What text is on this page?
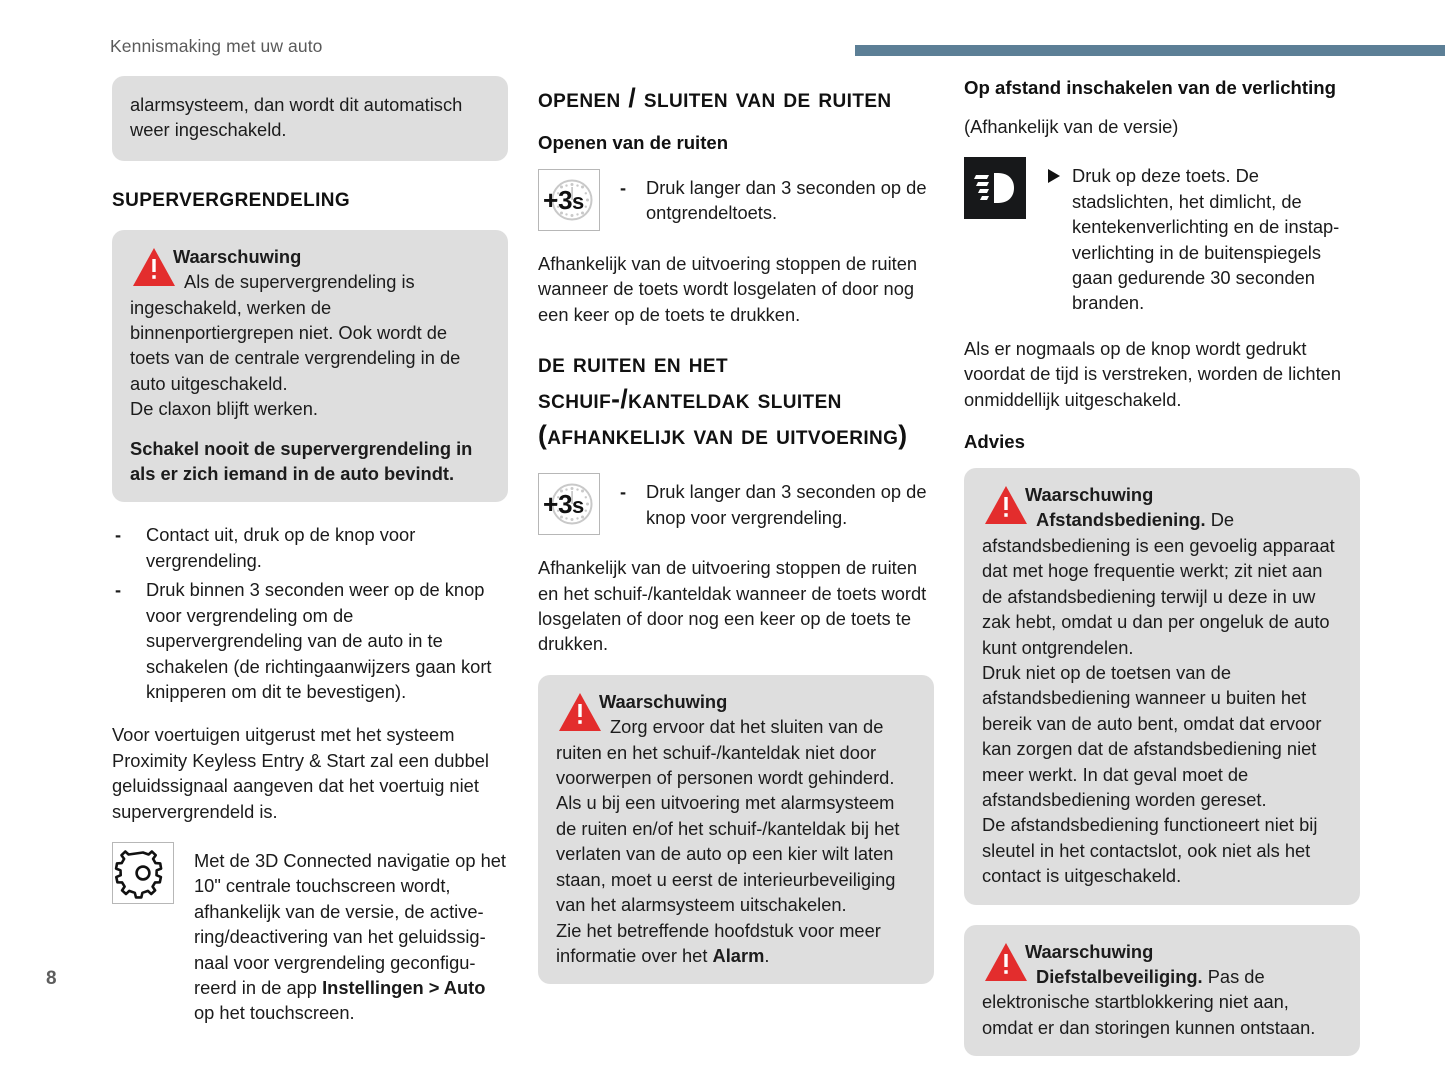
Kennismaking met uw auto
alarmsysteem, dan wordt dit automatisch weer ingeschakeld.
supervergrendeling
Waarschuwing
Als de supervergrendeling is ingeschakeld, werken de binnenportiergrepen niet. Ook wordt de toets van de centrale vergrendeling in de auto uitgeschakeld.
De claxon blijft werken.
Schakel nooit de supervergrendeling in als er zich iemand in de auto bevindt.
- Contact uit, druk op de knop voor vergrendeling.
- Druk binnen 3 seconden weer op de knop voor vergrendeling om de supervergrendeling van de auto in te schakelen (de richtingaanwijzers gaan kort knipperen om dit te bevestigen).

Voor voertuigen uitgerust met het systeem Proximity Keyless Entry & Start zal een dubbel geluidssignaal aangeven dat het voertuig niet supervergrendeld is.

Met de 3D Connected navigatie op het 10" centrale touchscreen wordt, afhankelijk van de versie, de active-ring/deactivering van het geluidssig-naal voor vergrendeling geconfigu-reerd in de app Instellingen > Auto op het touchscreen.
openen / sluiten van de ruiten
Openen van de ruiten
+3 s
-	Druk langer dan 3 seconden op de ontgrendeltoets.

Afhankelijk van de uitvoering stoppen de ruiten wanneer de toets wordt losgelaten of door nog een keer op de toets te drukken.

de ruiten en het schuif-/kanteldak sluiten (afhankelijk van de uitvoering)
+3 s
-	Druk langer dan 3 seconden op de knop voor vergrendeling.

Afhankelijk van de uitvoering stoppen de ruiten en het schuif-/kanteldak wanneer de toets wordt losgelaten of door nog een keer op de toets te drukken.

Waarschuwing
Zorg ervoor dat het sluiten van de ruiten en het schuif-/kanteldak niet door voorwerpen of personen wordt gehinderd. Als u bij een uitvoering met alarmsysteem de ruiten en/of het schuif-/kanteldak bij het verlaten van de auto op een kier wilt laten staan, moet u eerst de interieurbeveiliging van het alarmsysteem uitschakelen.
Zie het betreffende hoofdstuk voor meer informatie over het Alarm.
Op afstand inschakelen van de verlichting

(Afhankelijk van de versie)

Druk op deze toets. De stadslichten, het dimlicht, de kentekenverlichting en de instap-verlichting in de buitenspiegels gaan gedurende 30 seconden branden.

Als er nogmaals op de knop wordt gedrukt voordat de tijd is verstreken, worden de lichten onmiddellijk uitgeschakeld.

Advies
Waarschuwing
Afstandsbediening. De afstandsbediening is een gevoelig apparaat dat met hoge frequentie werkt; zit niet aan de afstandsbediening terwijl u deze in uw zak hebt, omdat u dan per ongeluk de auto kunt ontgrendelen.
Druk niet op de toetsen van de afstandsbediening wanneer u buiten het bereik van de auto bent, omdat dat ervoor kan zorgen dat de afstandsbediening niet meer werkt. In dat geval moet de afstandsbediening worden gereset.
De afstandsbediening functioneert niet bij sleutel in het contactslot, ook niet als het contact is uitgeschakeld.
Waarschuwing
Diefstalbeveiliging. Pas de elektronische startblokkering niet aan, omdat er dan storingen kunnen ontstaan.
8
